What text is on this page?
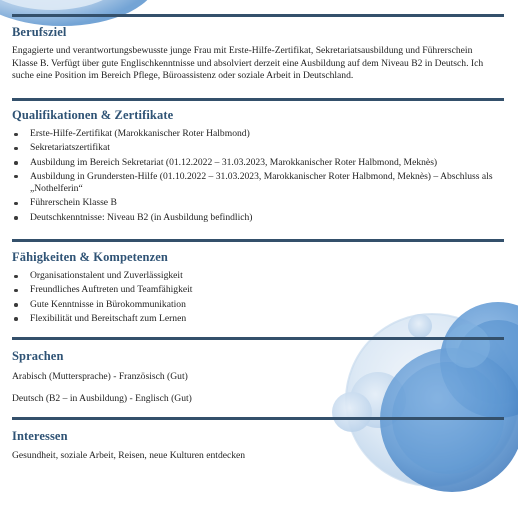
Berufsziel

Engagierte und verantwortungsbewusste junge Frau mit Erste-Hilfe-Zertifikat, Sekretariatsausbildung und Führerschein Klasse B. Verfügt über gute Englischkenntnisse und absolviert derzeit eine Ausbildung auf dem Niveau B2 in Deutsch. Ich suche eine Position im Bereich Pflege, Büroassistenz oder soziale Arbeit in Deutschland.

Qualifikationen & Zertifikate
Erste-Hilfe-Zertifikat (Marokkanischer Roter Halbmond)
Sekretariatszertifikat
Ausbildung im Bereich Sekretariat (01.12.2022 – 31.03.2023, Marokkanischer Roter Halbmond, Meknès)
Ausbildung in Grundersten-Hilfe (01.10.2022 – 31.03.2023, Marokkanischer Roter Halbmond, Meknès) – Abschluss als „Nothelferin“
Führerschein Klasse B
Deutschkenntnisse: Niveau B2 (in Ausbildung befindlich)
Fähigkeiten & Kompetenzen
Organisationstalent und Zuverlässigkeit
Freundliches Auftreten und Teamfähigkeit
Gute Kenntnisse in Bürokommunikation
Flexibilität und Bereitschaft zum Lernen
Sprachen

Arabisch (Muttersprache) - Französisch (Gut)

Deutsch (B2 – in Ausbildung) - Englisch (Gut)

Interessen

Gesundheit, soziale Arbeit, Reisen, neue Kulturen entdecken
